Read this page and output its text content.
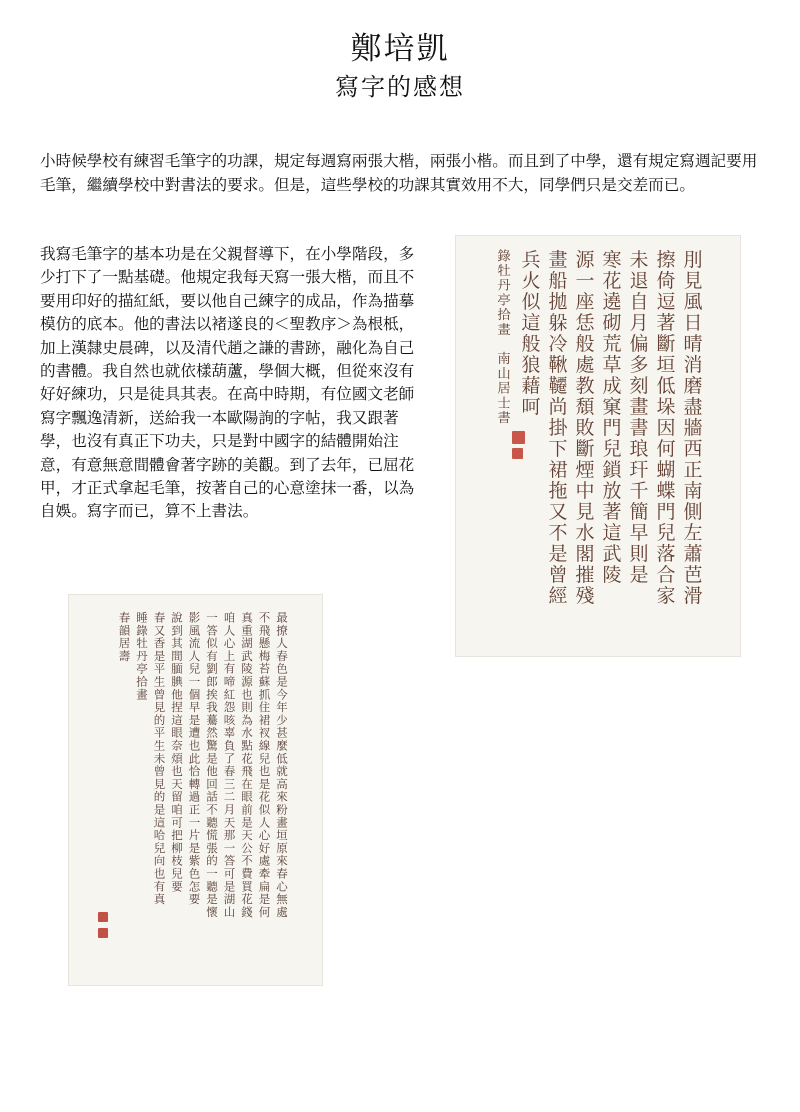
鄭培凱
寫字的感想

小時候學校有練習毛筆字的功課，規定每週寫兩張大楷，兩張小楷。而且到了中學，還有規定寫週記要用毛筆，繼續學校中對書法的要求。但是，這些學校的功課其實效用不大，同學們只是交差而已。

我寫毛筆字的基本功是在父親督導下，在小學階段，多少打下了一點基礎。他規定我每天寫一張大楷，而且不要用印好的描紅紙，要以他自己練字的成品，作為描摹模仿的底本。他的書法以褚遂良的＜聖教序＞為根柢，加上漢隸史晨碑，以及清代趙之謙的書跡，融化為自己的書體。我自然也就依樣葫蘆，學個大概，但從來沒有好好練功，只是徒具其表。在高中時期，有位國文老師寫字飄逸清新，送給我一本歐陽詢的字帖，我又跟著學，也沒有真正下功夫，只是對中國字的結體開始注意，有意無意間體會著字跡的美觀。到了去年，已屈花甲，才正式拿起毛筆，按著自己的心意塗抹一番，以為自娛。寫字而已，算不上書法。

刖
見
風
日
晴
消
磨
盡
牆
西
正
南
側
左
蕭
芭
滑
擦
倚
逗
著
斷
垣
低
垛
因
何
蝴
蝶
門
兒
落
合
家
未
退
自
月
偏
多
刻
畫
書
琅
玕
千
簡
早
則
是
寒
花
遶
砌
荒
草
成
窠
門
兒
鎖
放
著
這
武
陵
源
一
座
恁
般
處
教
頹
敗
斷
煙
中
見
水
閣
摧
殘
畫
船
拋
躲
冷
鞦
韆
尚
掛
下
裙
拖
又
不
是
曾
經
兵
火
似
這
般
狼
藉
呵
錄
牡
丹
亭
拾
畫
南
山
居
士
書
最
撩
人
春
色
是
今
年
少
甚
麼
低
就
高
來
粉
畫
垣
原
來
春
心
無
處
不
飛
懸
梅
苔
蘇
抓
住
裙
衩
線
兒
也
是
花
似
人
心
好
處
牽
扁
是
何
真
重
湖
武
陵
源
也
則
為
水
點
花
飛
在
眼
前
是
天
公
不
費
買
花
錢
咱
人
心
上
有
啼
紅
怨
咳
辜
負
了
春
三
二
月
天
那
一
答
可
是
湖
山
一
答
似
有
劉
郎
挨
我
驀
然
驚
是
他
回
話
不
聽
慌
張
的
一
聽
是
懷
影
風
流
人
兒
一
個
早
是
遭
也
此
恰
轉
過
正
一
片
是
紫
色
怎
要
說
到
其
間
腼
腆
他
捏
這
眼
奈
煩
也
天
留
咱
可
把
柳
枝
兒
要
春
又
香
是
平
生
曾
見
的
平
生
未
曾
見
的
是
這
哈
兒
向
也
有
真
睡
錄
牡
丹
亭
拾
畫
春
韻
居
壽
